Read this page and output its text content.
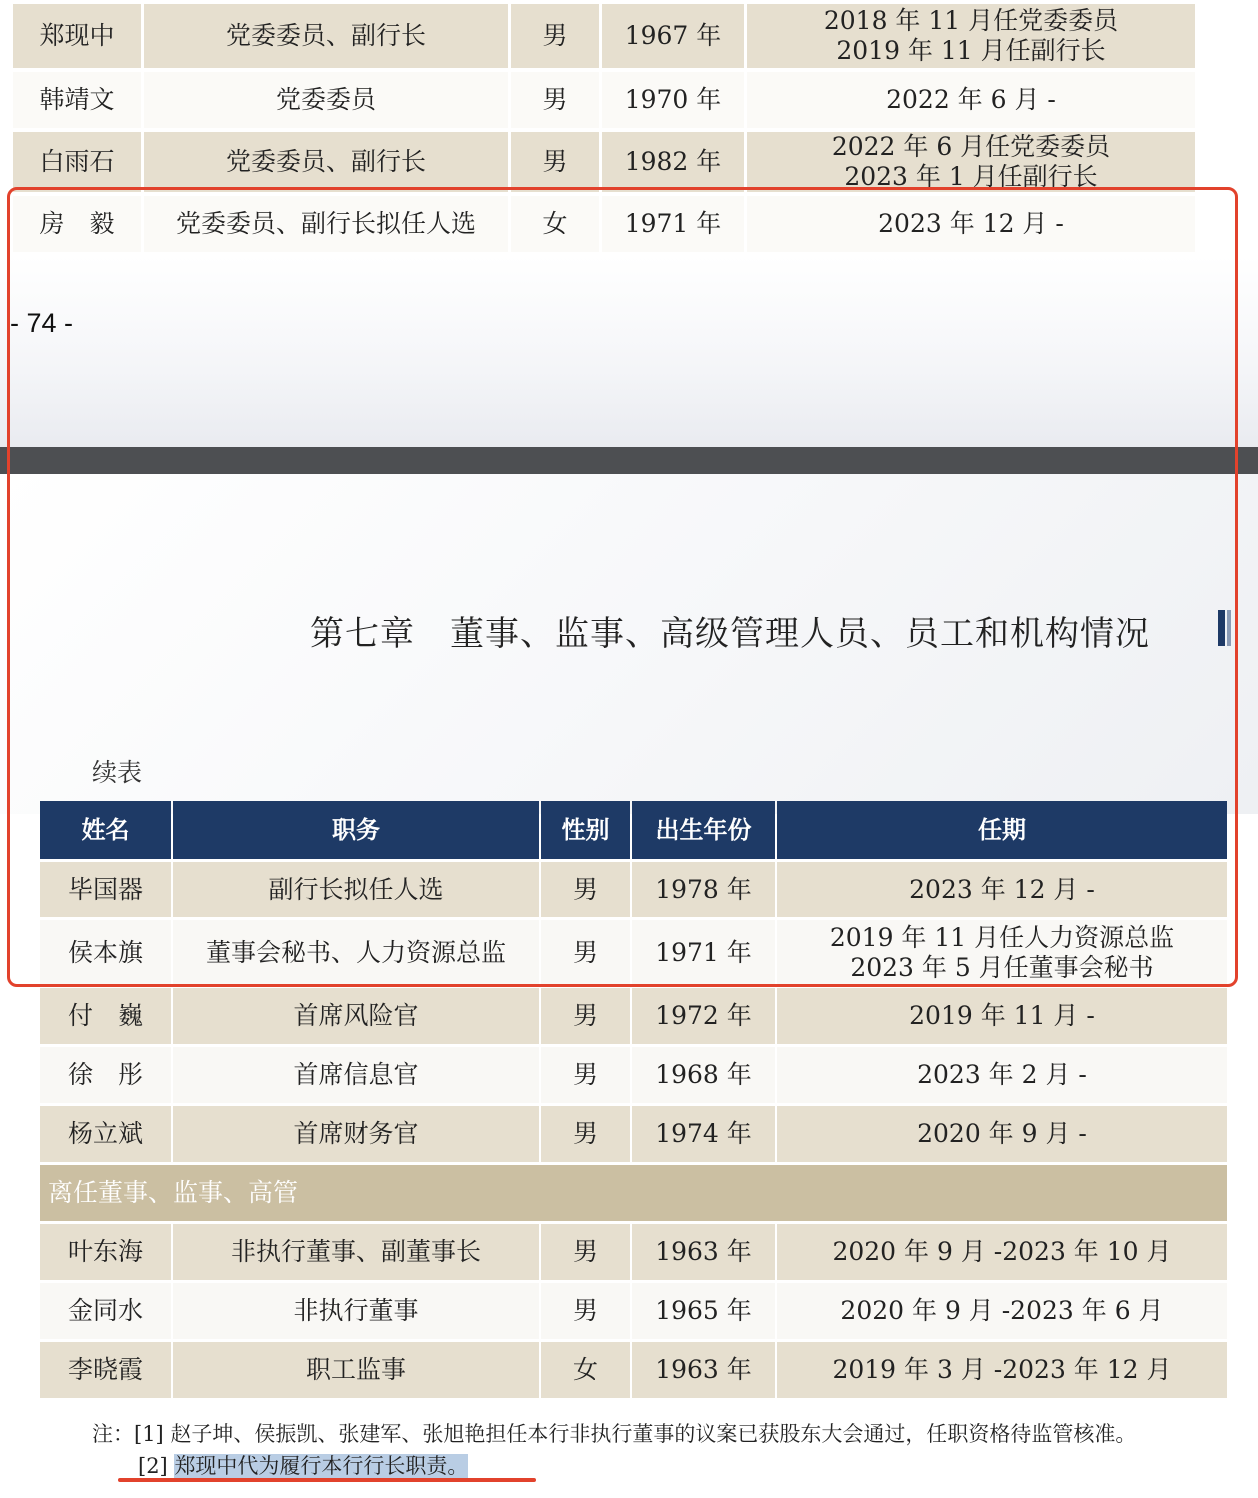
郑现中	党委委员、副行长	男	1967 年	2018 年 11 月任党委委员
2019 年 11 月任副行长

韩靖文	党委委员	男	1970 年	2022 年 6 月 -

白雨石	党委委员、副行长	男	1982 年	2022 年 6 月任党委委员
2023 年 1 月任副行长

房　毅	党委委员、副行长拟任人选	女	1971 年	2023 年 12 月 -
- 74 -
第七章　董事、监事、高级管理人员、员工和机构情况
续表
姓名	职务	性别	出生年份	任期
毕国器	副行长拟任人选	男	1978 年	2023 年 12 月 -

侯本旗	董事会秘书、人力资源总监	男	1971 年	2019 年 11 月任人力资源总监
2023 年 5 月任董事会秘书

付　巍	首席风险官	男	1972 年	2019 年 11 月 -

徐　彤	首席信息官	男	1968 年	2023 年 2 月 -

杨立斌	首席财务官	男	1974 年	2020 年 9 月 -

离任董事、监事、高管				
叶东海	非执行董事、副董事长	男	1963 年	2020 年 9 月 -2023 年 10 月

金同水	非执行董事	男	1965 年	2020 年 9 月 -2023 年 6 月

李晓霞	职工监事	女	1963 年	2019 年 3 月 -2023 年 12 月
注：[1] 赵子坤、侯振凯、张建军、张旭艳担任本行非执行董事的议案已获股东大会通过，任职资格待监管核准。
[2] 郑现中代为履行本行行长职责。
